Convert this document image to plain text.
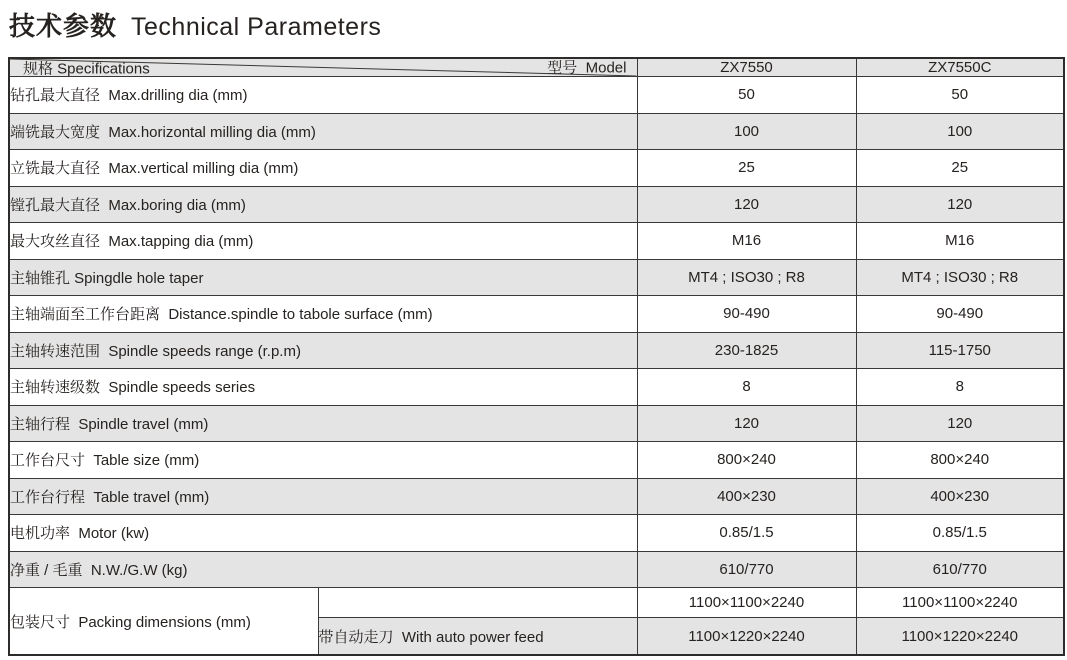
技术参数 Technical Parameters
规格 Specifications 型号  Model		ZX7550	ZX7550C
钻孔最大直径  Max.drilling dia (mm)		50	50
端铣最大宽度  Max.horizontal milling dia (mm)		100	100
立铣最大直径  Max.vertical milling dia (mm)		25	25
镗孔最大直径  Max.boring dia (mm)		120	120
最大攻丝直径  Max.tapping dia (mm)		M16	M16
主轴锥孔 Spingdle hole taper		MT4 ; ISO30 ; R8	MT4 ; ISO30 ; R8
主轴端面至工作台距离  Distance.spindle to tabole surface (mm)		90-490	90-490
主轴转速范围  Spindle speeds range (r.p.m)		230-1825	115-1750
主轴转速级数  Spindle speeds series		8	8
主轴行程  Spindle travel (mm)		120	120
工作台尺寸  Table size (mm)		800×240	800×240
工作台行程  Table travel (mm)		400×230	400×230
电机功率  Motor (kw)		0.85/1.5	0.85/1.5
净重 / 毛重  N.W./G.W (kg)		610/770	610/770
包装尺寸  Packing dimensions (mm)		1100×1100×2240	1100×1100×2240
	带自动走刀  With auto power feed	1100×1220×2240	1100×1220×2240
